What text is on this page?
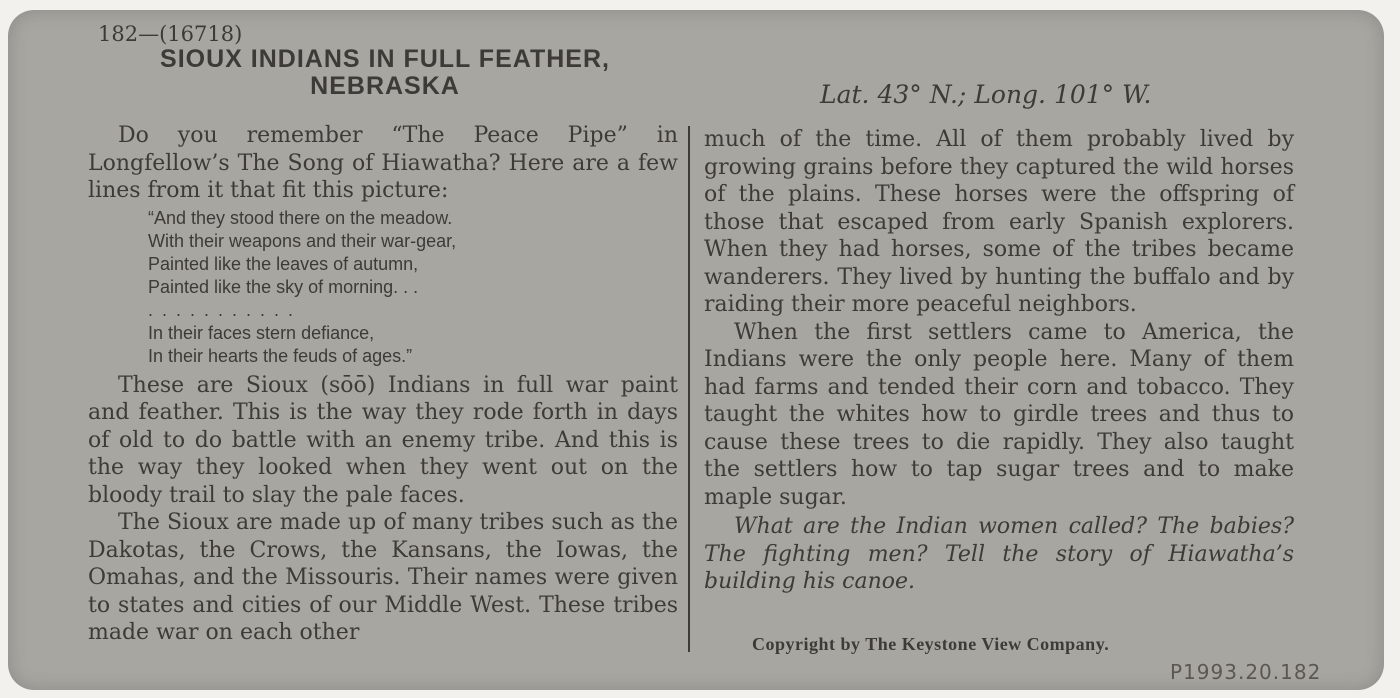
182—(16718)
SIOUX INDIANS IN FULL FEATHER,
NEBRASKA	Lat. 43° N.; Long. 101° W.

Do you remember “The Peace Pipe” in Longfellow’s The Song of Hiawatha? Here are a few lines from it that fit this picture:

“And they stood there on the meadow.
With their weapons and their war-gear,
Painted like the leaves of autumn,
Painted like the sky of morning. . .
. . . . . . . . . . .
In their faces stern defiance,
In their hearts the feuds of ages.”

These are Sioux (sōō) Indians in full war paint and feather. This is the way they rode forth in days of old to do battle with an enemy tribe. And this is the way they looked when they went out on the bloody trail to slay the pale faces.

The Sioux are made up of many tribes such as the Dakotas, the Crows, the Kansans, the Iowas, the Omahas, and the Missouris. Their names were given to states and cities of our Middle West. These tribes made war on each other

much of the time. All of them probably lived by growing grains before they captured the wild horses of the plains. These horses were the offspring of those that escaped from early Spanish explorers. When they had horses, some of the tribes became wanderers. They lived by hunting the buffalo and by raiding their more peaceful neighbors.

When the first settlers came to America, the Indians were the only people here. Many of them had farms and tended their corn and tobacco. They taught the whites how to girdle trees and thus to cause these trees to die rapidly. They also taught the settlers how to tap sugar trees and to make maple sugar.

What are the Indian women called? The babies? The fighting men? Tell the story of Hiawatha’s building his canoe.

Copyright by The Keystone View Company.
P1993.20.182
